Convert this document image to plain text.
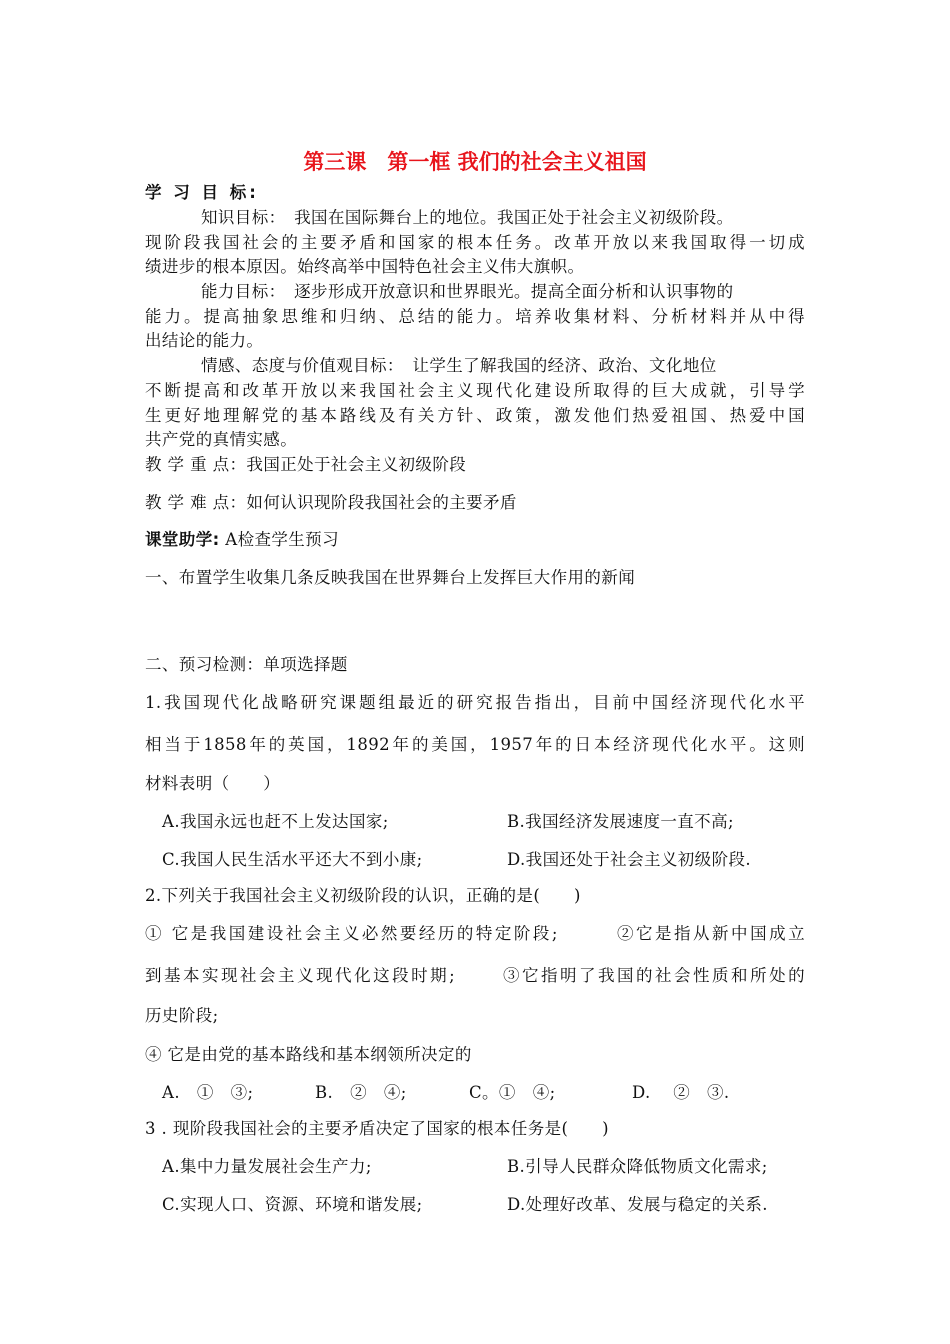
第三课　第一框 我们的社会主义祖国
学 习 目 标:
知识目标：　我国在国际舞台上的地位。我国正处于社会主义初级阶段。
现阶段我国社会的主要矛盾和国家的根本任务。改革开放以来我国取得一切成
绩进步的根本原因。始终高举中国特色社会主义伟大旗帜。
能力目标：　逐步形成开放意识和世界眼光。提高全面分析和认识事物的
能力。提高抽象思维和归纳、总结的能力。培养收集材料、分析材料并从中得
出结论的能力。
情感、态度与价值观目标：　让学生了解我国的经济、政治、文化地位
不断提高和改革开放以来我国社会主义现代化建设所取得的巨大成就，引导学
生更好地理解党的基本路线及有关方针、政策，激发他们热爱祖国、热爱中国
共产党的真情实感。
教 学 重 点：我国正处于社会主义初级阶段
教 学 难 点：如何认识现阶段我国社会的主要矛盾
课堂助学: A检查学生预习
一、布置学生收集几条反映我国在世界舞台上发挥巨大作用的新闻
二、预习检测：单项选择题
1.我国现代化战略研究课题组最近的研究报告指出，目前中国经济现代化水平
相当于1858年的英国，1892年的美国，1957年的日本经济现代化水平。这则
材料表明（　　）
A.我国永远也赶不上发达国家;	B.我国经济发展速度一直不高;
C.我国人民生活水平还大不到小康;	D.我国还处于社会主义初级阶段.
2.下列关于我国社会主义初级阶段的认识，正确的是(　　)
① 它是我国建设社会主义必然要经历的特定阶段;　　　②它是指从新中国成立
到基本实现社会主义现代化这段时期;　　 ③它指明了我国的社会性质和所处的
历史阶段;
④ 它是由党的基本路线和基本纲领所决定的
A.　①　③;	B.　②　④;	C。①　④;	D.　 ②　③.
3 . 现阶段我国社会的主要矛盾决定了国家的根本任务是(　　)
A.集中力量发展社会生产力;	B.引导人民群众降低物质文化需求;
C.实现人口、资源、环境和谐发展;	D.处理好改革、发展与稳定的关系.
